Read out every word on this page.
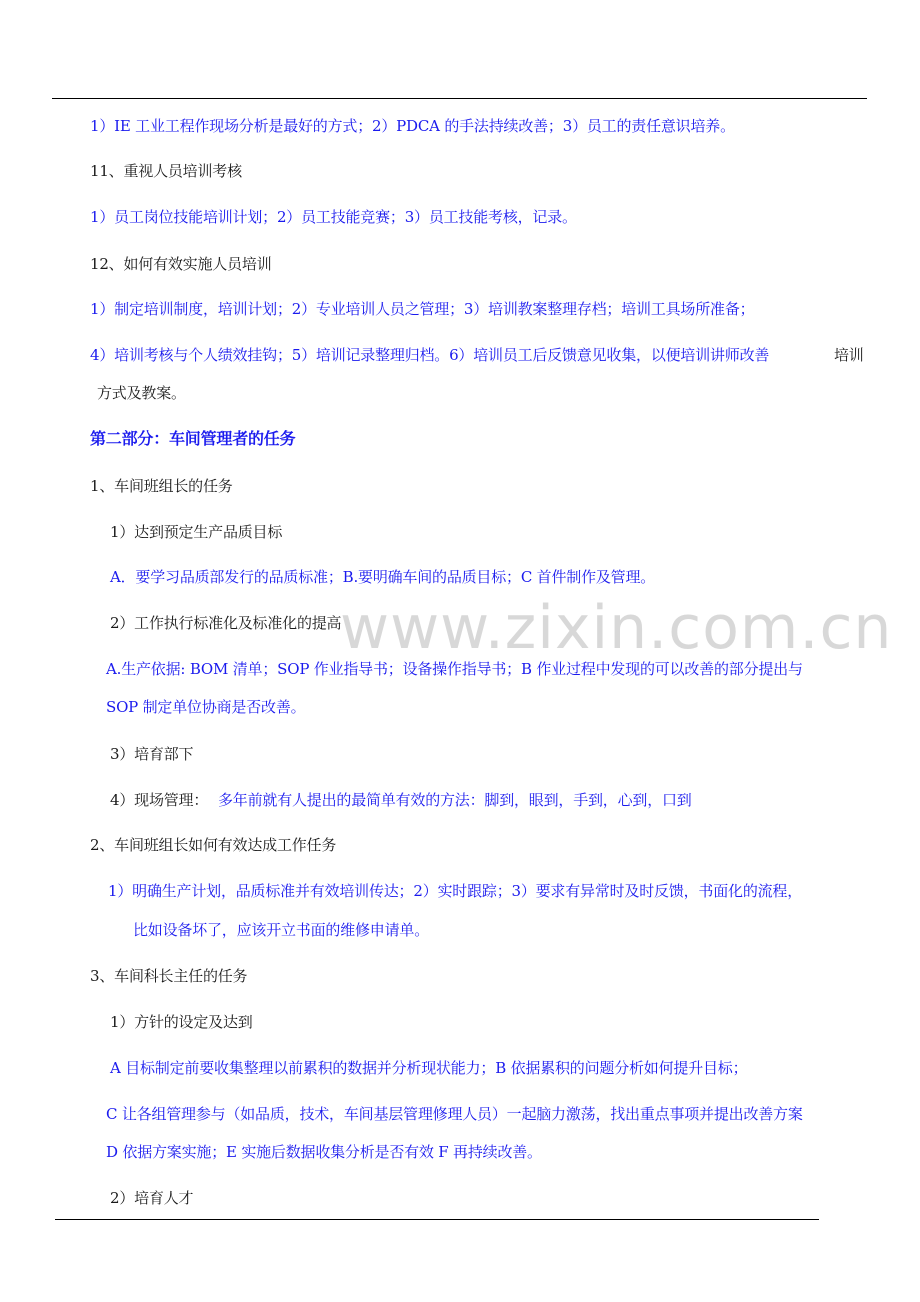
www.zixin.com.cn
1）IE 工业工程作现场分析是最好的方式；2）PDCA 的手法持续改善；3）员工的责任意识培养。
11、重视人员培训考核
1）员工岗位技能培训计划；2）员工技能竞赛；3）员工技能考核，记录。
12、如何有效实施人员培训
1）制定培训制度，培训计划；2）专业培训人员之管理；3）培训教案整理存档；培训工具场所准备；
4）培训考核与个人绩效挂钩；5）培训记录整理归档。6）培训员工后反馈意见收集，以便培训讲师改善	培训
方式及教案。
第二部分：车间管理者的任务
1、车间班组长的任务
1）达到预定生产品质目标
A．要学习品质部发行的品质标准；B.要明确车间的品质目标；C 首件制作及管理。
2）工作执行标准化及标准化的提高
A.生产依据: BOM 清单；SOP 作业指导书；设备操作指导书；B 作业过程中发现的可以改善的部分提出与
SOP 制定单位协商是否改善。
3）培育部下
4）现场管理： 多年前就有人提出的最简单有效的方法：脚到，眼到，手到，心到，口到
2、车间班组长如何有效达成工作任务
1）明确生产计划，品质标准并有效培训传达；2）实时跟踪；3）要求有异常时及时反馈，书面化的流程，
比如设备坏了，应该开立书面的维修申请单。
3、车间科长主任的任务
1）方针的设定及达到
A 目标制定前要收集整理以前累积的数据并分析现状能力；B 依据累积的问题分析如何提升目标；
C 让各组管理参与（如品质，技术，车间基层管理修理人员）一起脑力激荡，找出重点事项并提出改善方案
D 依据方案实施；E 实施后数据收集分析是否有效 F 再持续改善。
2）培育人才
